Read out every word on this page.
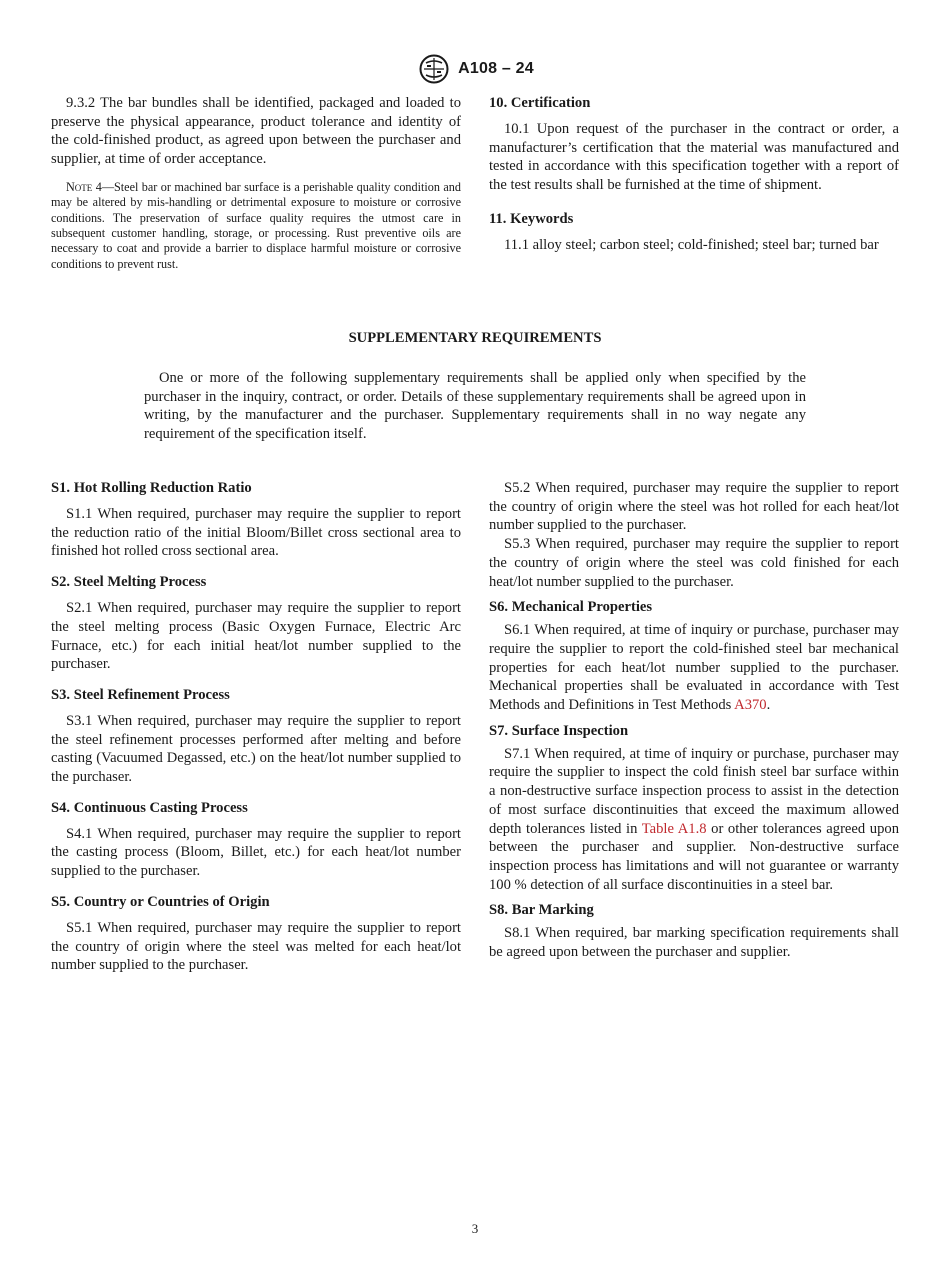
A108 – 24

9.3.2 The bar bundles shall be identified, packaged and loaded to preserve the physical appearance, product tolerance and identity of the cold-finished product, as agreed upon between the purchaser and supplier, at time of order acceptance.

Note 4—Steel bar or machined bar surface is a perishable quality condition and may be altered by mis-handling or detrimental exposure to moisture or corrosive conditions. The preservation of surface quality requires the utmost care in subsequent customer handling, storage, or processing. Rust preventive oils are necessary to coat and provide a barrier to displace harmful moisture or corrosive conditions to prevent rust.

10. Certification

10.1 Upon request of the purchaser in the contract or order, a manufacturer’s certification that the material was manufactured and tested in accordance with this specification together with a report of the test results shall be furnished at the time of shipment.

11. Keywords

11.1 alloy steel; carbon steel; cold-finished; steel bar; turned bar

SUPPLEMENTARY REQUIREMENTS
One or more of the following supplementary requirements shall be applied only when specified by the purchaser in the inquiry, contract, or order. Details of these supplementary requirements shall be agreed upon in writing, by the manufacturer and the purchaser. Supplementary requirements shall in no way negate any requirement of the specification itself.
S1. Hot Rolling Reduction Ratio

S1.1 When required, purchaser may require the supplier to report the reduction ratio of the initial Bloom/Billet cross sectional area to finished hot rolled cross sectional area.

S2. Steel Melting Process

S2.1 When required, purchaser may require the supplier to report the steel melting process (Basic Oxygen Furnace, Electric Arc Furnace, etc.) for each initial heat/lot number supplied to the purchaser.

S3. Steel Refinement Process

S3.1 When required, purchaser may require the supplier to report the steel refinement processes performed after melting and before casting (Vacuumed Degassed, etc.) on the heat/lot number supplied to the purchaser.

S4. Continuous Casting Process

S4.1 When required, purchaser may require the supplier to report the casting process (Bloom, Billet, etc.) for each heat/lot number supplied to the purchaser.

S5. Country or Countries of Origin

S5.1 When required, purchaser may require the supplier to report the country of origin where the steel was melted for each heat/lot number supplied to the purchaser.

S5.2 When required, purchaser may require the supplier to report the country of origin where the steel was hot rolled for each heat/lot number supplied to the purchaser.

S5.3 When required, purchaser may require the supplier to report the country of origin where the steel was cold finished for each heat/lot number supplied to the purchaser.

S6. Mechanical Properties

S6.1 When required, at time of inquiry or purchase, purchaser may require the supplier to report the cold-finished steel bar mechanical properties for each heat/lot number supplied to the purchaser. Mechanical properties shall be evaluated in accordance with Test Methods and Definitions in Test Methods A370.

S7. Surface Inspection

S7.1 When required, at time of inquiry or purchase, purchaser may require the supplier to inspect the cold finish steel bar surface within a non-destructive surface inspection process to assist in the detection of most surface discontinuities that exceed the maximum allowed depth tolerances listed in Table A1.8 or other tolerances agreed upon between the purchaser and supplier. Non-destructive surface inspection process has limitations and will not guarantee or warranty 100 % detection of all surface discontinuities in a steel bar.

S8. Bar Marking

S8.1 When required, bar marking specification requirements shall be agreed upon between the purchaser and supplier.

3
